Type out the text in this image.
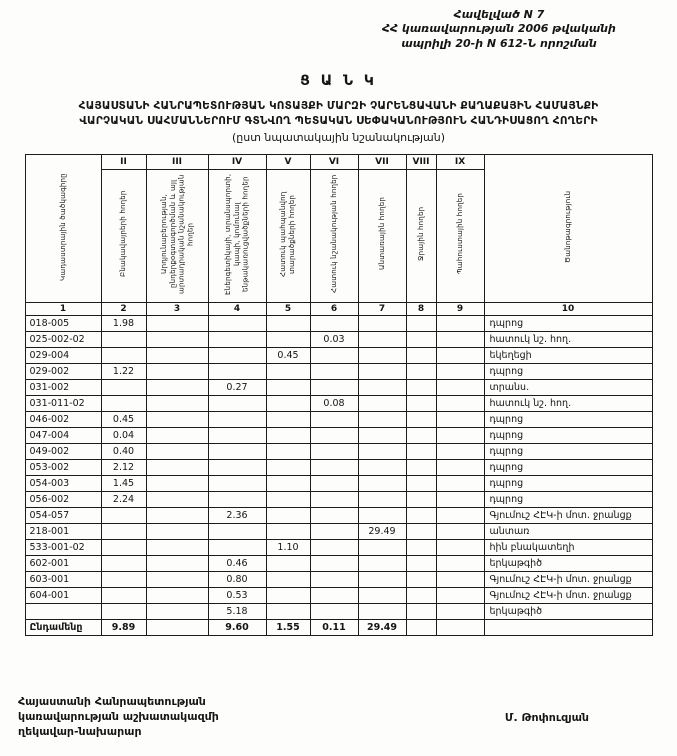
Հավելված N 7
ՀՀ կառավարության 2006 թվականի
ապրիլի 20-ի N 612-Ն որոշման
Ց Ա Ն Կ
ՀԱՅԱՍՏԱՆԻ ՀԱՆՐԱՊԵՏՈՒԹՅԱՆ ԿՈՏԱՅՔԻ ՄԱՐԶԻ ՉԱՐԵՆՑԱՎԱՆԻ ՔԱՂԱՔԱՅԻՆ ՀԱՄԱՅՆՔԻ
ՎԱՐՉԱԿԱՆ ՍԱՀՄԱՆՆԵՐՈՒՄ ԳՏՆՎՈՂ ՊԵՏԱԿԱՆ ՍԵՓԱԿԱՆՈՒԹՅՈՒՆ ՀԱՆԴԻՍԱՑՈՂ ՀՈՂԵՐԻ
(ըստ նպատակային նշանակության)
Կադաստրային ծածկագիրը	II	III	IV	V	VI	VII	VIII	IX	Ծանոթագրություն
	Բնակավայրերի հողեր	Արդյունաբերության, ընդերքօգտագործման և այլ արտադրական նշանակության հողեր	Էներգետիկայի, տրանսպորտի, կապի, կոմունալ ենթակառուցվածքների հողեր	Հատուկ պահպանվող տարածքների հողեր	Հատուկ նշանակության հողեր	Անտառային հողեր	Ջրային հողեր	Պահուստային հողեր	
1	2	3	4	5	6	7	8	9	10
018-005	1.98								դպրոց
025-002-02					0.03				հատուկ նշ. հող.
029-004				0.45					եկեղեցի
029-002	1.22								դպրոց
031-002			0.27						տրանս.
031-011-02					0.08				հատուկ նշ. հող.
046-002	0.45								դպրոց
047-004	0.04								դպրոց
049-002	0.40								դպրոց
053-002	2.12								դպրոց
054-003	1.45								դպրոց
056-002	2.24								դպրոց
054-057			2.36						Գյումուշ ՀԷԿ-ի մոտ. ջրանցք
218-001						29.49			անտառ
533-001-02				1.10					հին բնակատեղի
602-001			0.46						երկաթգիծ
603-001			0.80						Գյումուշ ՀԷԿ-ի մոտ. ջրանցք
604-001			0.53						Գյումուշ ՀԷԿ-ի մոտ. ջրանցք
			5.18						երկաթգիծ
Ընդամենը	9.89		9.60	1.55	0.11	29.49			
Հայաստանի Հանրապետության
կառավարության աշխատակազմի
ղեկավար-նախարար
Մ. Թոփուզյան
